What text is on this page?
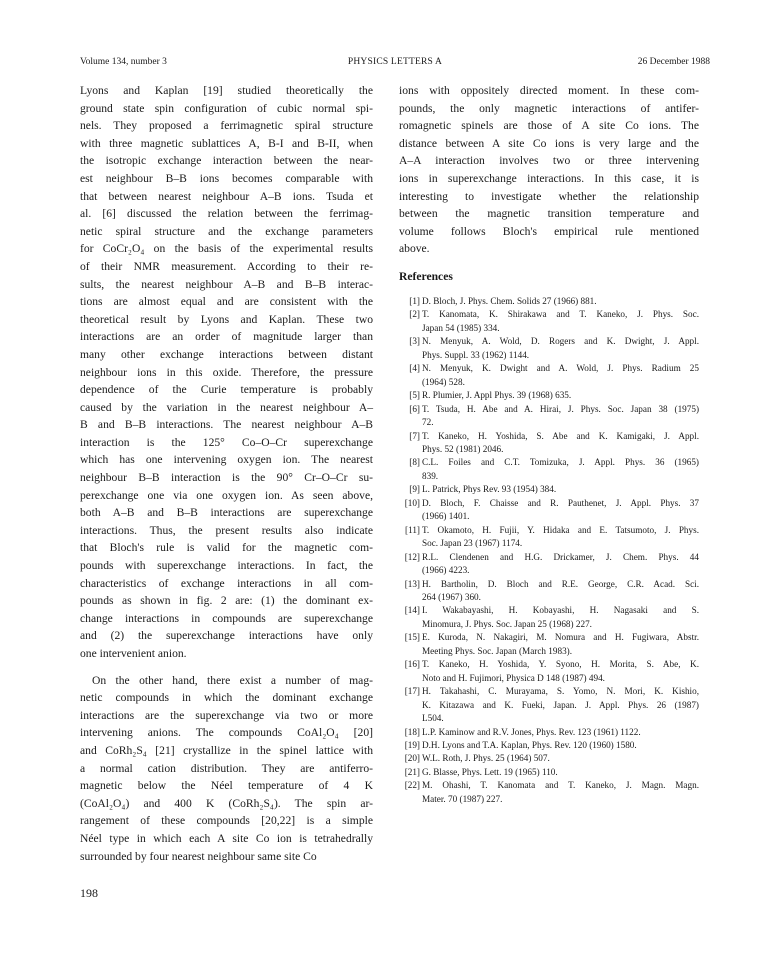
Volume 134, number 3	PHYSICS LETTERS A	26 December 1988
Lyons and Kaplan [19] studied theoretically the
ground state spin configuration of cubic normal spi-
nels. They proposed a ferrimagnetic spiral structure
with three magnetic sublattices A, B-I and B-II, when
the isotropic exchange interaction between the near-
est neighbour B–B ions becomes comparable with
that between nearest neighbour A–B ions. Tsuda et
al. [6] discussed the relation between the ferrimag-
netic spiral structure and the exchange parameters
for CoCr₂O₄ on the basis of the experimental results
of their NMR measurement. According to their re-
sults, the nearest neighbour A–B and B–B interac-
tions are almost equal and are consistent with the
theoretical result by Lyons and Kaplan. These two
interactions are an order of magnitude larger than
many other exchange interactions between distant
neighbour ions in this oxide. Therefore, the pressure
dependence of the Curie temperature is probably
caused by the variation in the nearest neighbour A–
B and B–B interactions. The nearest neighbour A–B
interaction is the 125° Co–O–Cr superexchange
which has one intervening oxygen ion. The nearest
neighbour B–B interaction is the 90° Cr–O–Cr su-
perexchange one via one oxygen ion. As seen above,
both A–B and B–B interactions are superexchange
interactions. Thus, the present results also indicate
that Bloch's rule is valid for the magnetic com-
pounds with superexchange interactions. In fact, the
characteristics of exchange interactions in all com-
pounds as shown in fig. 2 are: (1) the dominant ex-
change interactions in compounds are superexchange
and (2) the superexchange interactions have only
one intervenient anion.
On the other hand, there exist a number of mag-
netic compounds in which the dominant exchange
interactions are the superexchange via two or more
intervening anions. The compounds CoAl₂O₄ [20]
and CoRh₂S₄ [21] crystallize in the spinel lattice with
a normal cation distribution. They are antiferro-
magnetic below the Néel temperature of 4 K
(CoAl₂O₄) and 400 K (CoRh₂S₄). The spin ar-
rangement of these compounds [20,22] is a simple
Néel type in which each A site Co ion is tetrahedrally
surrounded by four nearest neighbour same site Co
ions with oppositely directed moment. In these com-
pounds, the only magnetic interactions of antifer-
romagnetic spinels are those of A site Co ions. The
distance between A site Co ions is very large and the
A–A interaction involves two or three intervening
ions in superexchange interactions. In this case, it is
interesting to investigate whether the relationship
between the magnetic transition temperature and
volume follows Bloch's empirical rule mentioned
above.
References
[1] D. Bloch, J. Phys. Chem. Solids 27 (1966) 881.
[2] T. Kanomata, K. Shirakawa and T. Kaneko, J. Phys. Soc.
Japan 54 (1985) 334.
[3] N. Menyuk, A. Wold, D. Rogers and K. Dwight, J. Appl.
Phys. Suppl. 33 (1962) 1144.
[4] N. Menyuk, K. Dwight and A. Wold, J. Phys. Radium 25
(1964) 528.
[5] R. Plumier, J. Appl Phys. 39 (1968) 635.
[6] T. Tsuda, H. Abe and A. Hirai, J. Phys. Soc. Japan 38 (1975)
72.
[7] T. Kaneko, H. Yoshida, S. Abe and K. Kamigaki, J. Appl.
Phys. 52 (1981) 2046.
[8] C.L. Foiles and C.T. Tomizuka, J. Appl. Phys. 36 (1965)
839.
[9] L. Patrick, Phys Rev. 93 (1954) 384.
[10] D. Bloch, F. Chaisse and R. Pauthenet, J. Appl. Phys. 37
(1966) 1401.
[11] T. Okamoto, H. Fujii, Y. Hidaka and E. Tatsumoto, J. Phys.
Soc. Japan 23 (1967) 1174.
[12] R.L. Clendenen and H.G. Drickamer, J. Chem. Phys. 44
(1966) 4223.
[13] H. Bartholin, D. Bloch and R.E. George, C.R. Acad. Sci.
264 (1967) 360.
[14] I. Wakabayashi, H. Kobayashi, H. Nagasaki and S.
Minomura, J. Phys. Soc. Japan 25 (1968) 227.
[15] E. Kuroda, N. Nakagiri, M. Nomura and H. Fugiwara, Abstr.
Meeting Phys. Soc. Japan (March 1983).
[16] T. Kaneko, H. Yoshida, Y. Syono, H. Morita, S. Abe, K.
Noto and H. Fujimori, Physica D 148 (1987) 494.
[17] H. Takahashi, C. Murayama, S. Yomo, N. Mori, K. Kishio,
K. Kitazawa and K. Fueki, Japan. J. Appl. Phys. 26 (1987)
L504.
[18] L.P. Kaminow and R.V. Jones, Phys. Rev. 123 (1961) 1122.
[19] D.H. Lyons and T.A. Kaplan, Phys. Rev. 120 (1960) 1580.
[20] W.L. Roth, J. Phys. 25 (1964) 507.
[21] G. Blasse, Phys. Lett. 19 (1965) 110.
[22] M. Ohashi, T. Kanomata and T. Kaneko, J. Magn. Magn.
Mater. 70 (1987) 227.
198
